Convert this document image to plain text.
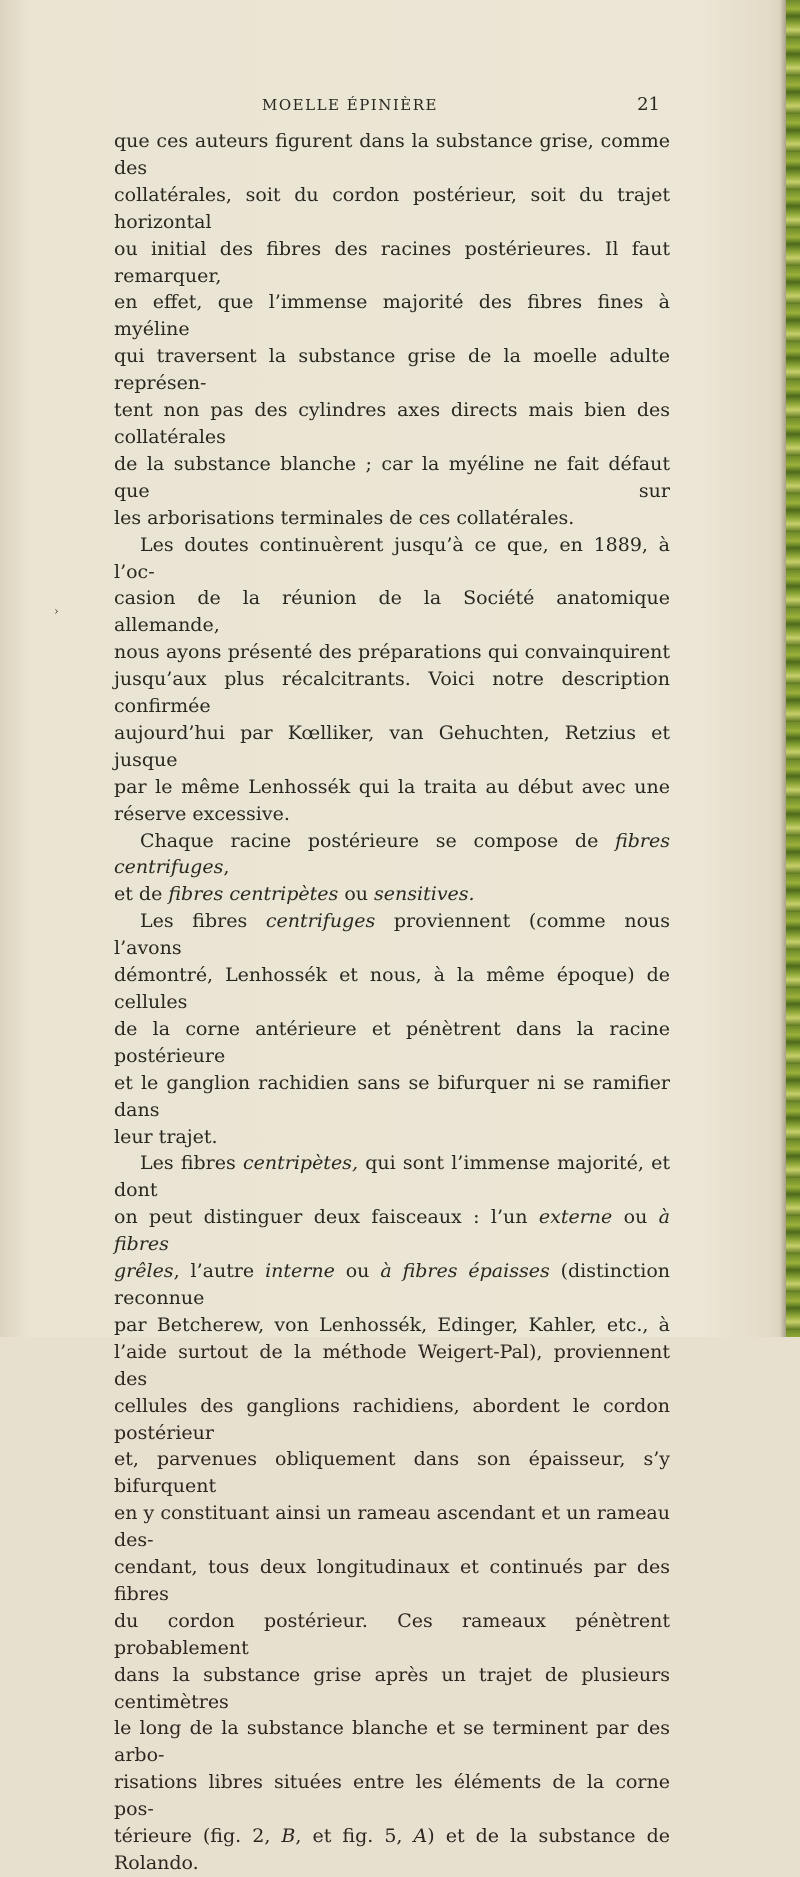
MOELLE ÉPINIÈRE	21

que ces auteurs figurent dans la substance grise, comme des

collatérales, soit du cordon postérieur, soit du trajet horizontal

ou initial des fibres des racines postérieures. Il faut remarquer,

en effet, que l’immense majorité des fibres fines à myéline

qui traversent la substance grise de la moelle adulte représen-

tent non pas des cylindres axes directs mais bien des collatérales

de la substance blanche ; car la myéline ne fait défaut que sur

les arborisations terminales de ces collatérales.

Les doutes continuèrent jusqu’à ce que, en 1889, à l’oc-

casion de la réunion de la Société anatomique allemande,

nous ayons présenté des préparations qui convainquirent

jusqu’aux plus récalcitrants. Voici notre description confirmée

aujourd’hui par Kœlliker, van Gehuchten, Retzius et jusque

par le même Lenhossék qui la traita au début avec une

réserve excessive.

Chaque racine postérieure se compose de fibres centrifuges,

et de fibres centripètes ou sensitives.

Les fibres centrifuges proviennent (comme nous l’avons

démontré, Lenhossék et nous, à la même époque) de cellules

de la corne antérieure et pénètrent dans la racine postérieure

et le ganglion rachidien sans se bifurquer ni se ramifier dans

leur trajet.

Les fibres centripètes, qui sont l’immense majorité, et dont

on peut distinguer deux faisceaux : l’un externe ou à fibres

grêles, l’autre interne ou à fibres épaisses (distinction reconnue

par Betcherew, von Lenhossék, Edinger, Kahler, etc., à

l’aide surtout de la méthode Weigert-Pal), proviennent des

cellules des ganglions rachidiens, abordent le cordon postérieur

et, parvenues obliquement dans son épaisseur, s’y bifurquent

en y constituant ainsi un rameau ascendant et un rameau des-

cendant, tous deux longitudinaux et continués par des fibres

du cordon postérieur. Ces rameaux pénètrent probablement

dans la substance grise après un trajet de plusieurs centimètres

le long de la substance blanche et se terminent par des arbo-

risations libres situées entre les éléments de la corne pos-

térieure (fig. 2, B, et fig. 5, A) et de la substance de

Rolando.

›
